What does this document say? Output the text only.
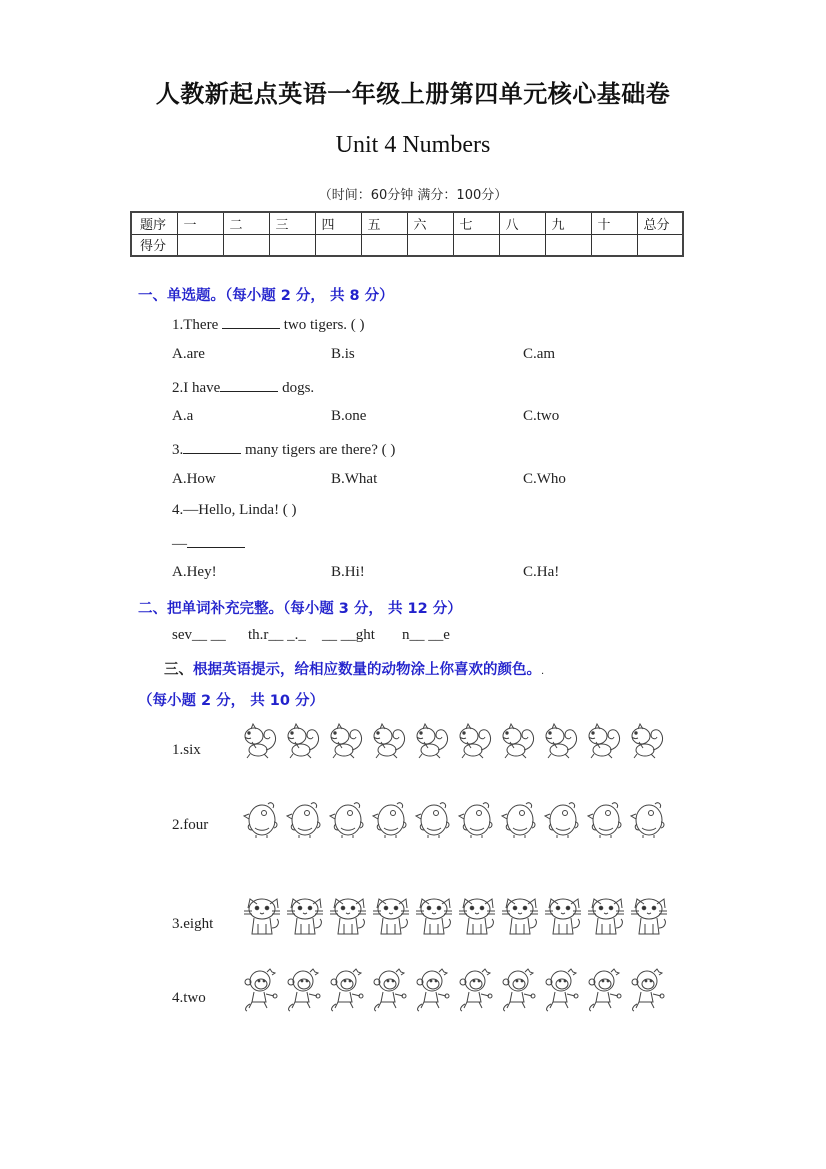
人教新起点英语一年级上册第四单元核心基础卷
Unit 4 Numbers
（时间：60分钟 满分：100分）
题序	一	二	三	四	五	六	七	八	九	十	总分
得分											
一、单选题。（每小题 2 分， 共 8 分）
1.There	two tigers. ( )
A.are	B.is	C.am
2.I have	dogs.
A.a	B.one	C.two
3.	many tigers are there? ( )
A.How	B.What	C.Who
4.—Hello, Linda! ( )
—
A.Hey!	B.Hi!	C.Ha!
二、把单词补充完整。（每小题 3 分， 共 12 分）
sev__ __ th.r__ _._ __ __ght n__ __e
三、根据英语提示，给相应数量的动物涂上你喜欢的颜色。.
（每小题 2 分， 共 10 分）
1.six
2.four
3.eight
4.two
